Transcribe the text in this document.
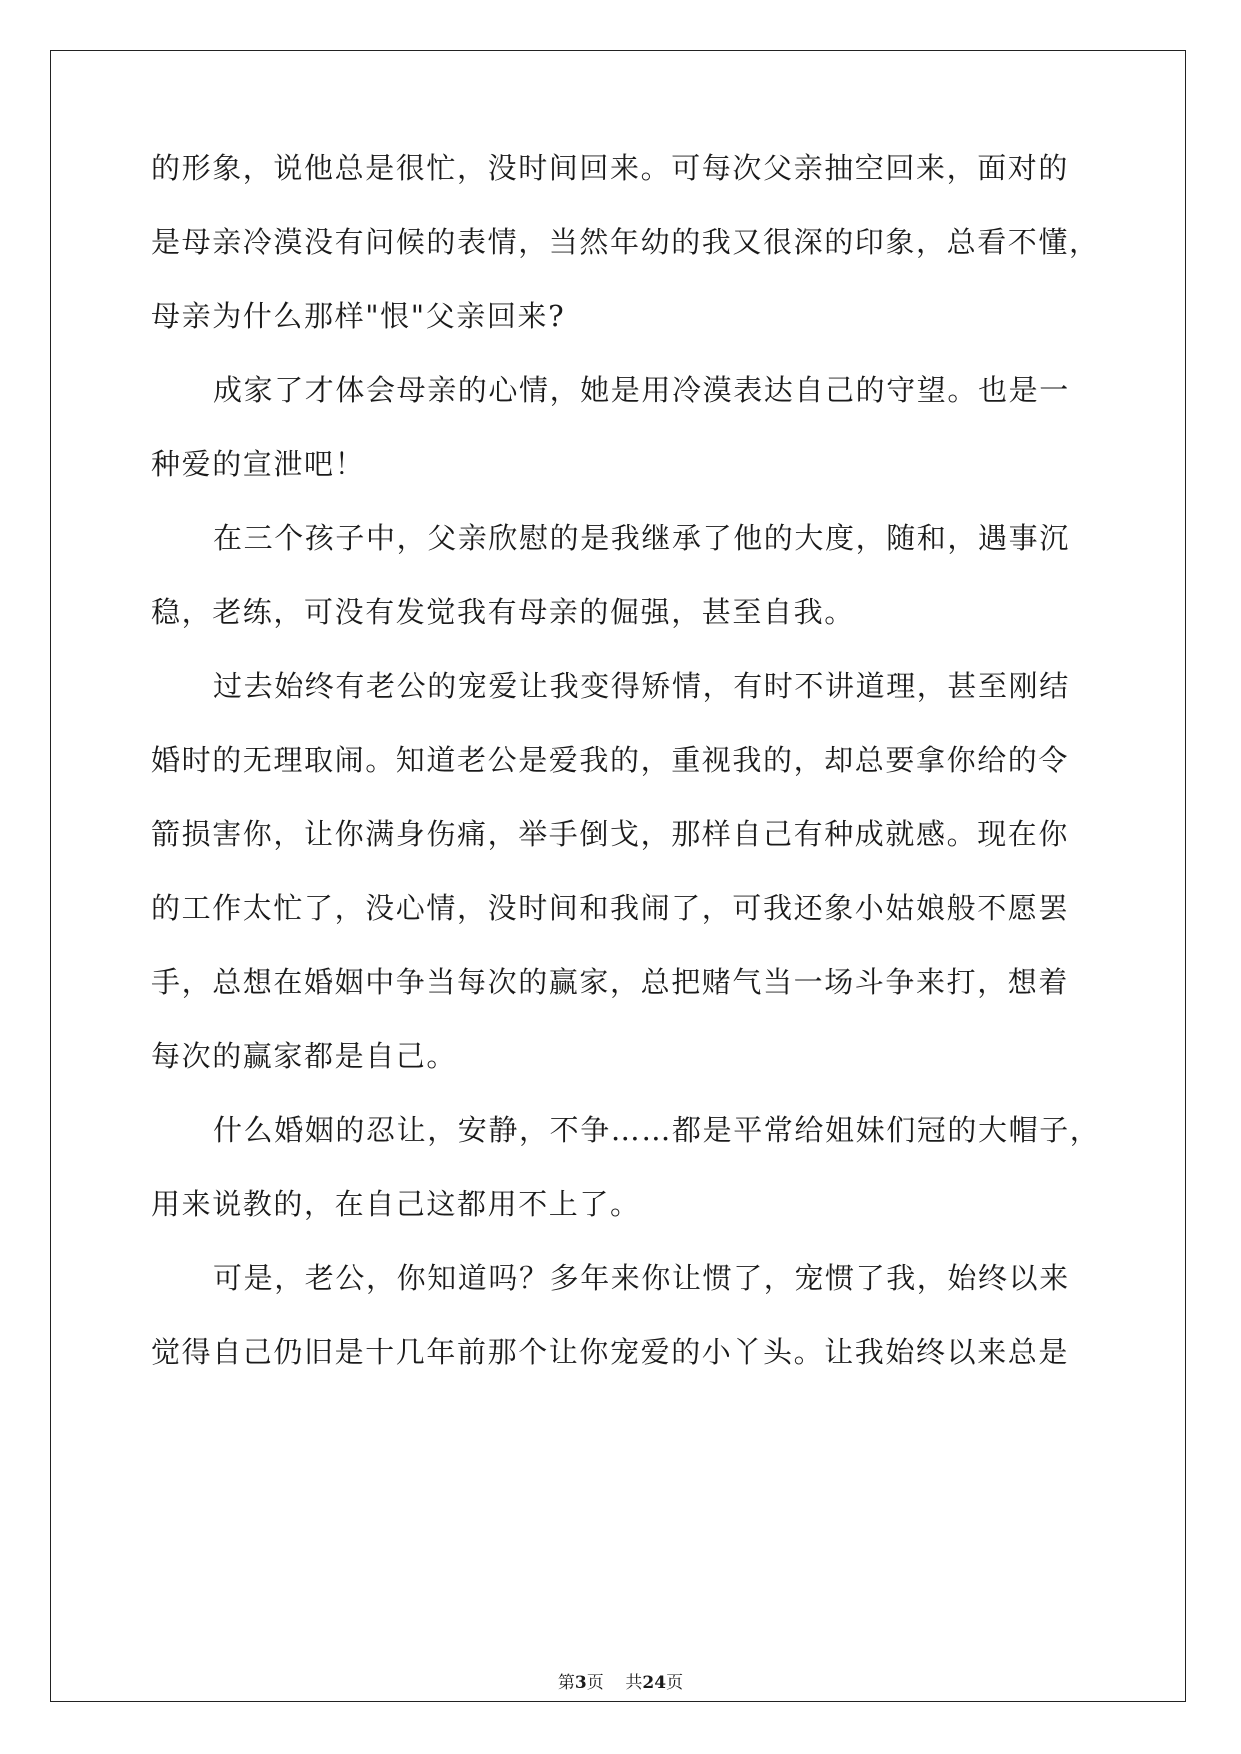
的形象，说他总是很忙，没时间回来。可每次父亲抽空回来，面对的
是母亲冷漠没有问候的表情，当然年幼的我又很深的印象，总看不懂，
母亲为什么那样"恨"父亲回来?
成家了才体会母亲的心情，她是用冷漠表达自己的守望。也是一
种爱的宣泄吧！
在三个孩子中，父亲欣慰的是我继承了他的大度，随和，遇事沉
稳，老练，可没有发觉我有母亲的倔强，甚至自我。
过去始终有老公的宠爱让我变得矫情，有时不讲道理，甚至刚结
婚时的无理取闹。知道老公是爱我的，重视我的，却总要拿你给的令
箭损害你，让你满身伤痛，举手倒戈，那样自己有种成就感。现在你
的工作太忙了，没心情，没时间和我闹了，可我还象小姑娘般不愿罢
手，总想在婚姻中争当每次的赢家，总把赌气当一场斗争来打，想着
每次的赢家都是自己。
什么婚姻的忍让，安静，不争……都是平常给姐妹们冠的大帽子，
用来说教的，在自己这都用不上了。
可是，老公，你知道吗？多年来你让惯了，宠惯了我，始终以来
觉得自己仍旧是十几年前那个让你宠爱的小丫头。让我始终以来总是
第3页    共24页
